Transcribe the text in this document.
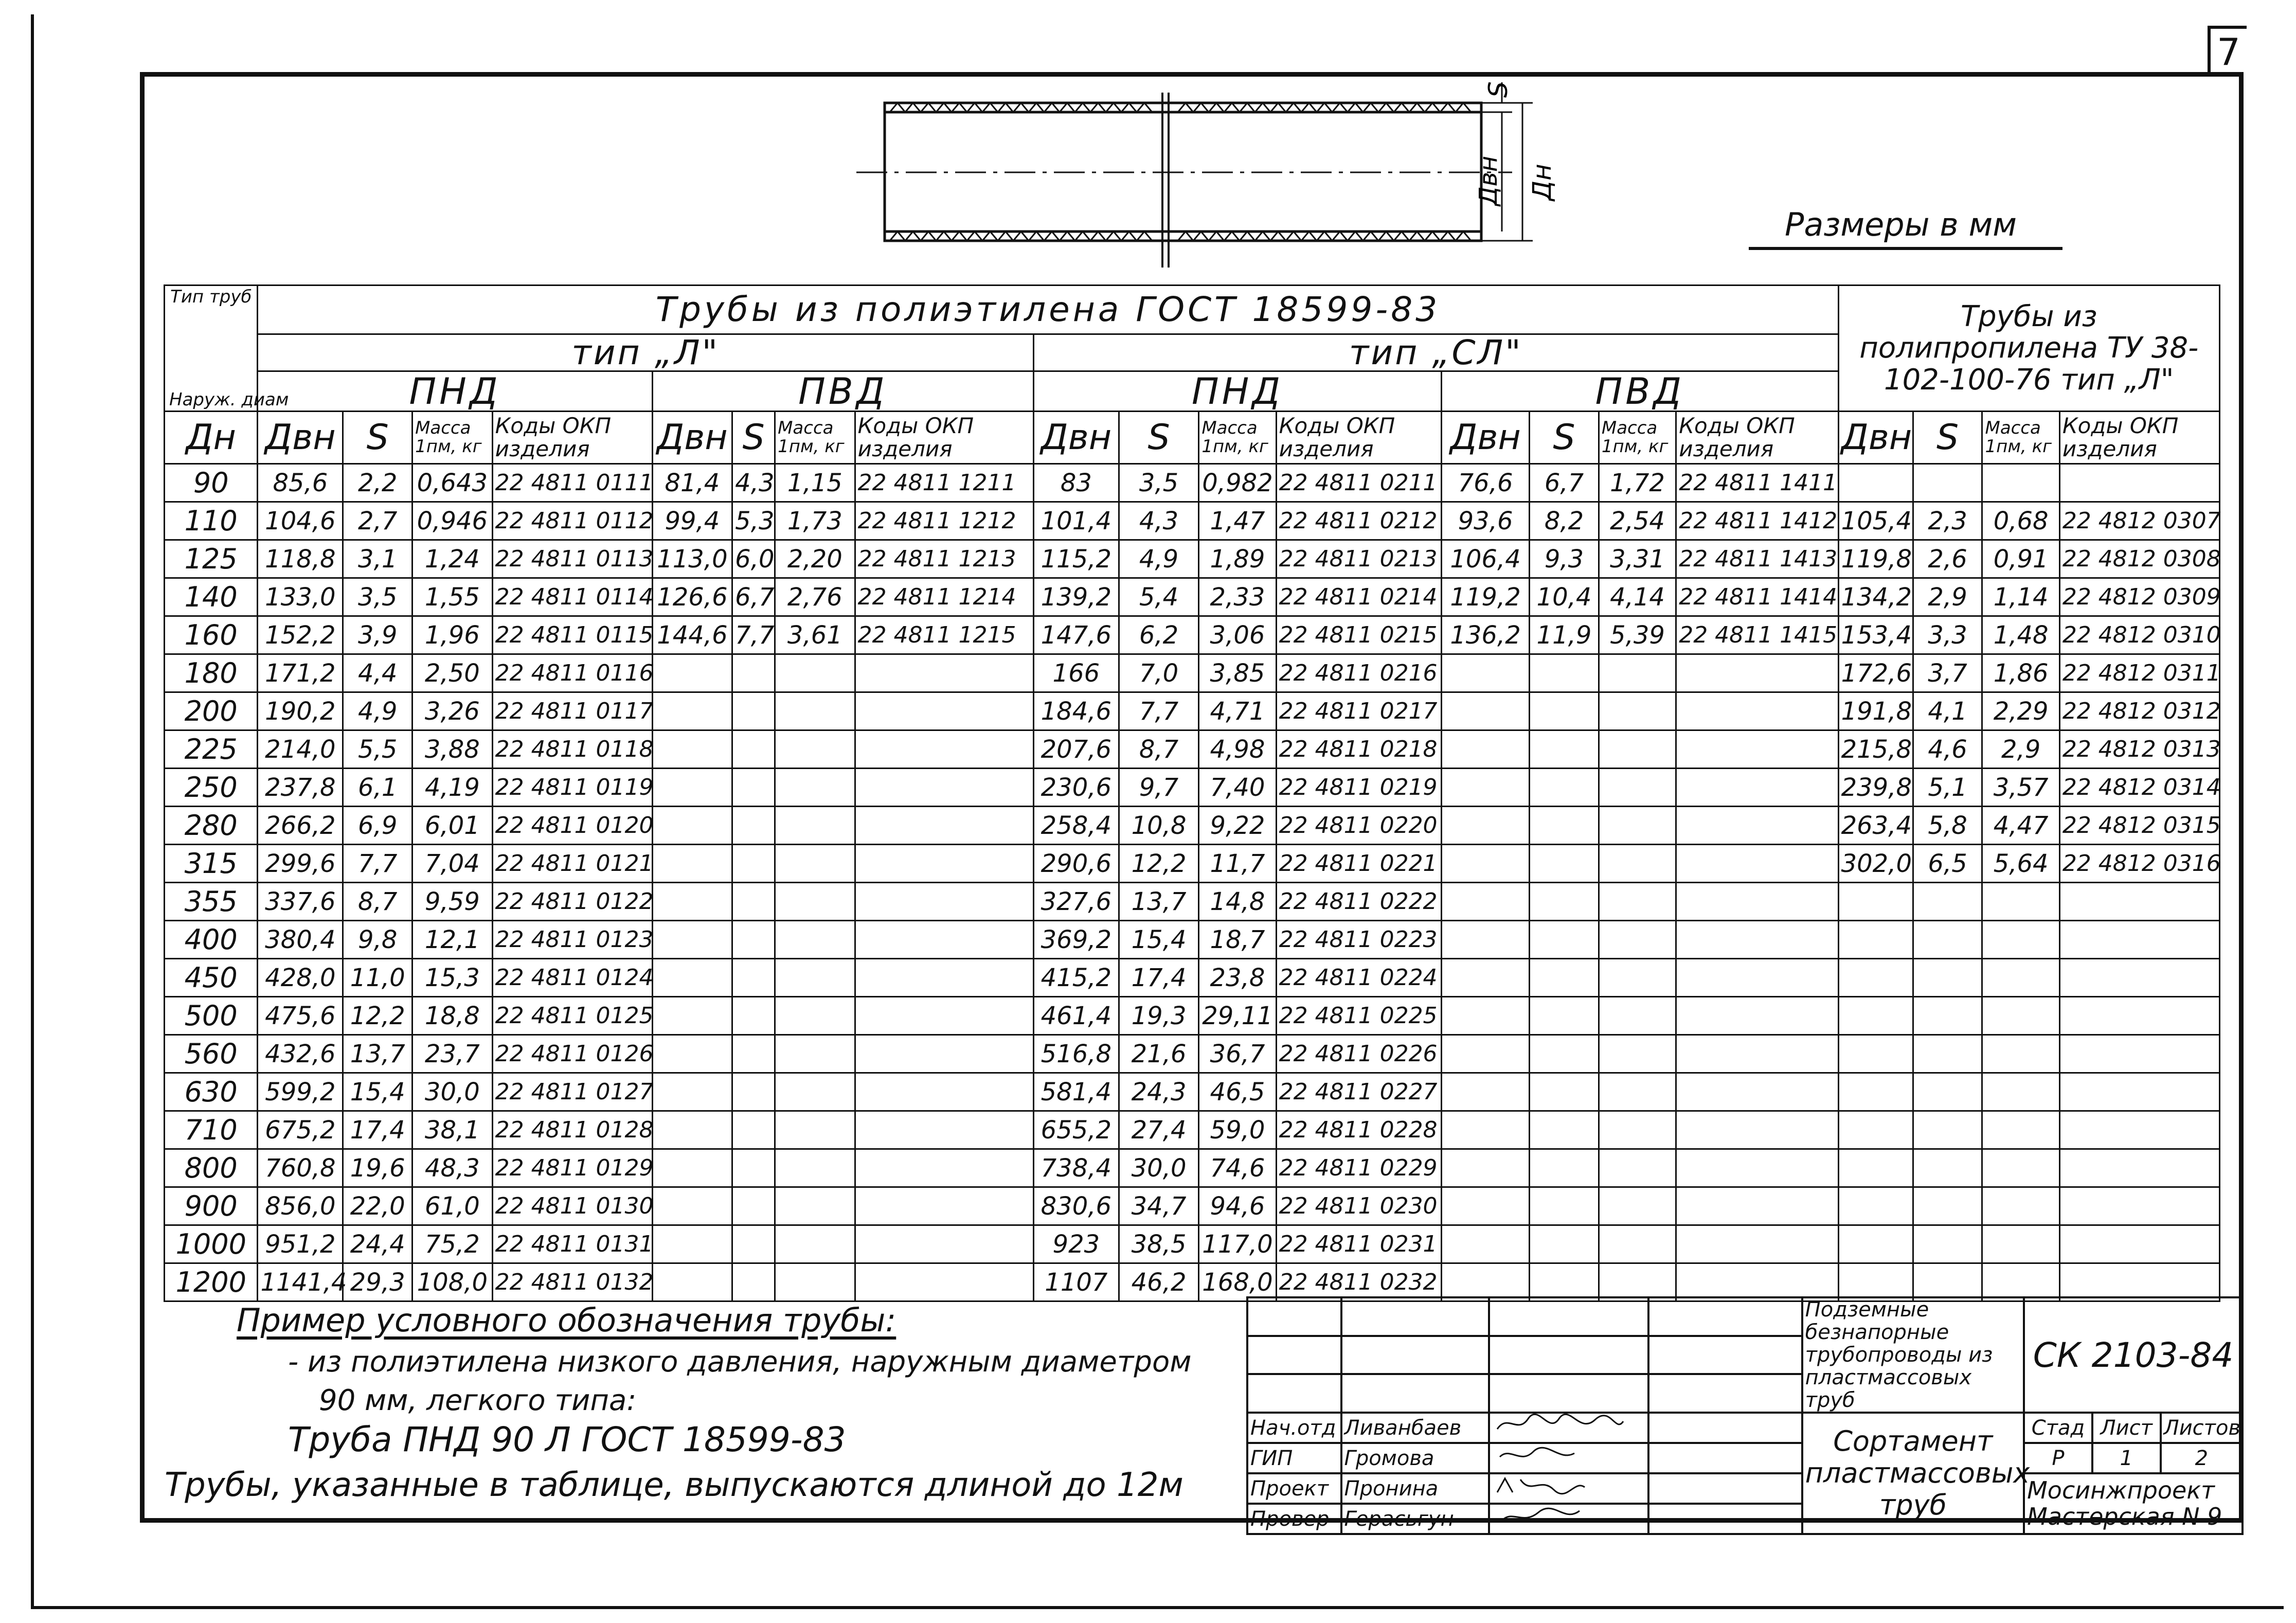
7
S
Двн Дн
Размеры в мм
Тип труб
Наруж. диам	Трубы из полиэтилена ГОСТ 18599-83																Трубы из полипропилена ТУ 38-102-100-76 тип „Л"			
	тип „Л"								тип „СЛ"											
	ПНД				ПВД				ПНД				ПВД							
Дн	Двн	S	Масса 1пм, кг	Коды ОКП изделия	Двн	S	Масса 1пм, кг	Коды ОКП изделия	Двн	S	Масса 1пм, кг	Коды ОКП изделия	Двн	S	Масса 1пм, кг	Коды ОКП изделия	Двн	S	Масса 1пм, кг	Коды ОКП изделия
90	85,6	2,2	0,643	22 4811 0111	81,4	4,3	1,15	22 4811 1211	83	3,5	0,982	22 4811 0211	76,6	6,7	1,72	22 4811 1411				
110	104,6	2,7	0,946	22 4811 0112	99,4	5,3	1,73	22 4811 1212	101,4	4,3	1,47	22 4811 0212	93,6	8,2	2,54	22 4811 1412	105,4	2,3	0,68	22 4812 0307
125	118,8	3,1	1,24	22 4811 0113	113,0	6,0	2,20	22 4811 1213	115,2	4,9	1,89	22 4811 0213	106,4	9,3	3,31	22 4811 1413	119,8	2,6	0,91	22 4812 0308
140	133,0	3,5	1,55	22 4811 0114	126,6	6,7	2,76	22 4811 1214	139,2	5,4	2,33	22 4811 0214	119,2	10,4	4,14	22 4811 1414	134,2	2,9	1,14	22 4812 0309
160	152,2	3,9	1,96	22 4811 0115	144,6	7,7	3,61	22 4811 1215	147,6	6,2	3,06	22 4811 0215	136,2	11,9	5,39	22 4811 1415	153,4	3,3	1,48	22 4812 0310
180	171,2	4,4	2,50	22 4811 0116					166	7,0	3,85	22 4811 0216					172,6	3,7	1,86	22 4812 0311
200	190,2	4,9	3,26	22 4811 0117					184,6	7,7	4,71	22 4811 0217					191,8	4,1	2,29	22 4812 0312
225	214,0	5,5	3,88	22 4811 0118					207,6	8,7	4,98	22 4811 0218					215,8	4,6	2,9	22 4812 0313
250	237,8	6,1	4,19	22 4811 0119					230,6	9,7	7,40	22 4811 0219					239,8	5,1	3,57	22 4812 0314
280	266,2	6,9	6,01	22 4811 0120					258,4	10,8	9,22	22 4811 0220					263,4	5,8	4,47	22 4812 0315
315	299,6	7,7	7,04	22 4811 0121					290,6	12,2	11,7	22 4811 0221					302,0	6,5	5,64	22 4812 0316
355	337,6	8,7	9,59	22 4811 0122					327,6	13,7	14,8	22 4811 0222								
400	380,4	9,8	12,1	22 4811 0123					369,2	15,4	18,7	22 4811 0223								
450	428,0	11,0	15,3	22 4811 0124					415,2	17,4	23,8	22 4811 0224								
500	475,6	12,2	18,8	22 4811 0125					461,4	19,3	29,11	22 4811 0225								
560	432,6	13,7	23,7	22 4811 0126					516,8	21,6	36,7	22 4811 0226								
630	599,2	15,4	30,0	22 4811 0127					581,4	24,3	46,5	22 4811 0227								
710	675,2	17,4	38,1	22 4811 0128					655,2	27,4	59,0	22 4811 0228								
800	760,8	19,6	48,3	22 4811 0129					738,4	30,0	74,6	22 4811 0229								
900	856,0	22,0	61,0	22 4811 0130					830,6	34,7	94,6	22 4811 0230								
1000	951,2	24,4	75,2	22 4811 0131					923	38,5	117,0	22 4811 0231								
1200	1141,4	29,3	108,0	22 4811 0132					1107	46,2	168,0	22 4811 0232								
Пример условного обозначения трубы:
- из полиэтилена низкого давления, наружным диаметром
90 мм, легкого типа:
Труба ПНД 90 Л ГОСТ 18599-83
Трубы, указанные в таблице, выпускаются длиной до 12м
				Подземные безнапорные трубопроводы из пластмассовых труб	СК 2103-84		

Нач.отд	Ливанбаев			Сортамент пластмассовых труб	Стад	Лист	Листов
ГИП	Громова				Р	1	2
Проект	Пронина				Мосинжпроект Мастерская N 9		
Провер	Герасьгун		
